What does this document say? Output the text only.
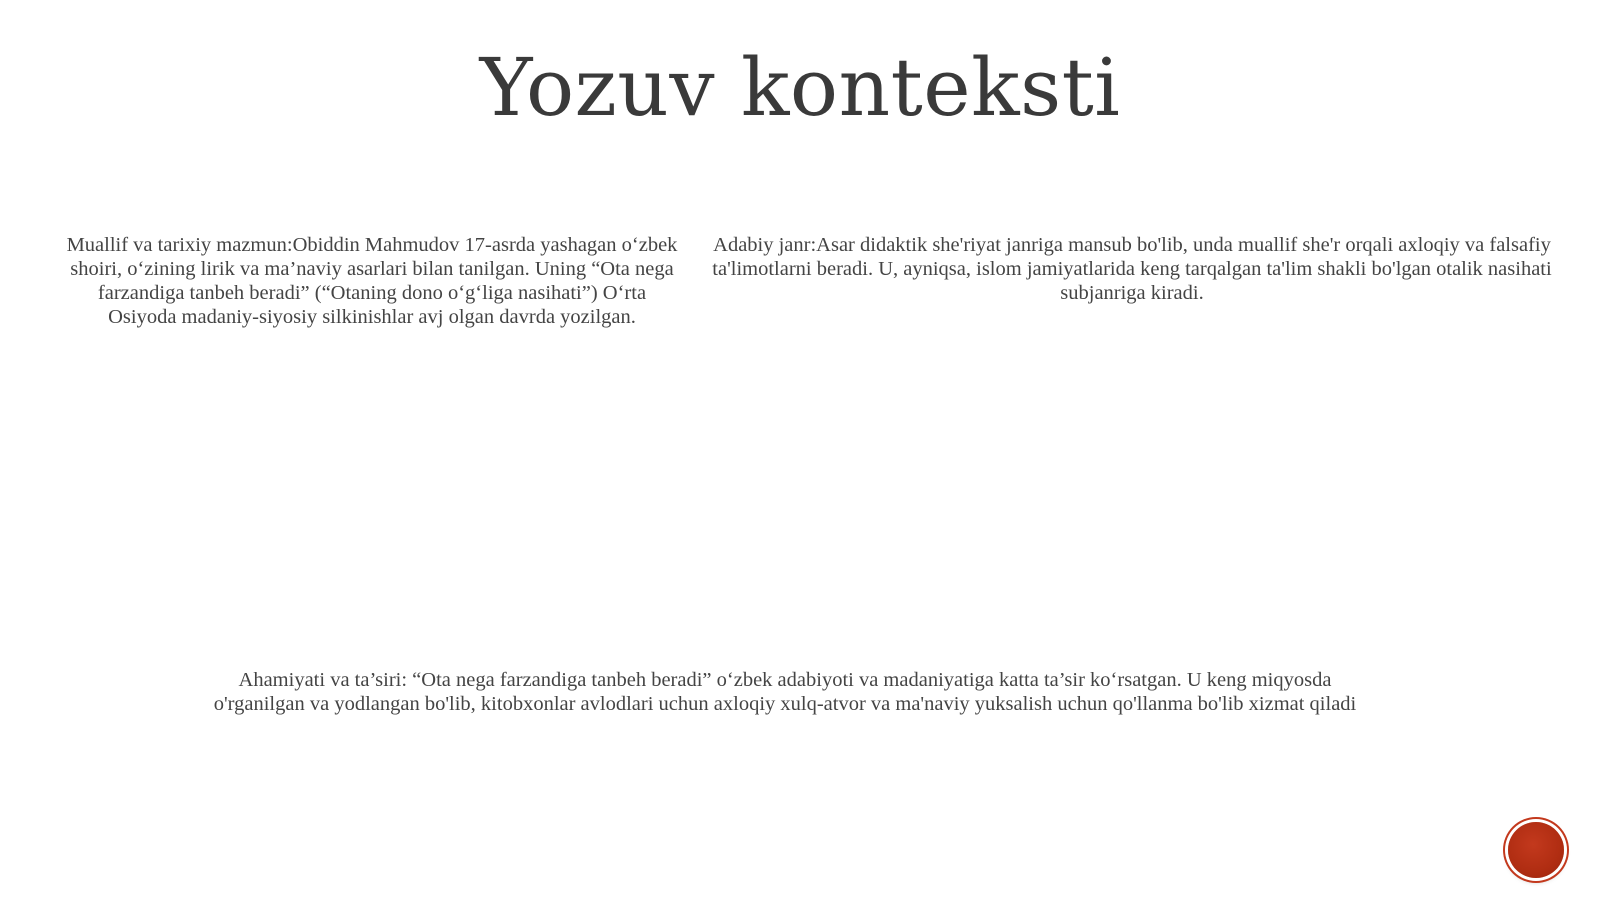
Yozuv konteksti

Muallif va tarixiy mazmun:Obiddin Mahmudov 17-asrda yashagan o‘zbek shoiri, o‘zining lirik va ma’naviy asarlari bilan tanilgan. Uning “Ota nega farzandiga tanbeh beradi” (“Otaning dono o‘g‘liga nasihati”) O‘rta Osiyoda madaniy-siyosiy silkinishlar avj olgan davrda yozilgan.

Adabiy janr:Asar didaktik she'riyat janriga mansub bo'lib, unda muallif she'r orqali axloqiy va falsafiy ta'limotlarni beradi. U, ayniqsa, islom jamiyatlarida keng tarqalgan ta'lim shakli bo'lgan otalik nasihati subjanriga kiradi.

Ahamiyati va ta’siri: “Ota nega farzandiga tanbeh beradi” o‘zbek adabiyoti va madaniyatiga katta ta’sir ko‘rsatgan. U keng miqyosda o'rganilgan va yodlangan bo'lib, kitobxonlar avlodlari uchun axloqiy xulq-atvor va ma'naviy yuksalish uchun qo'llanma bo'lib xizmat qiladi
